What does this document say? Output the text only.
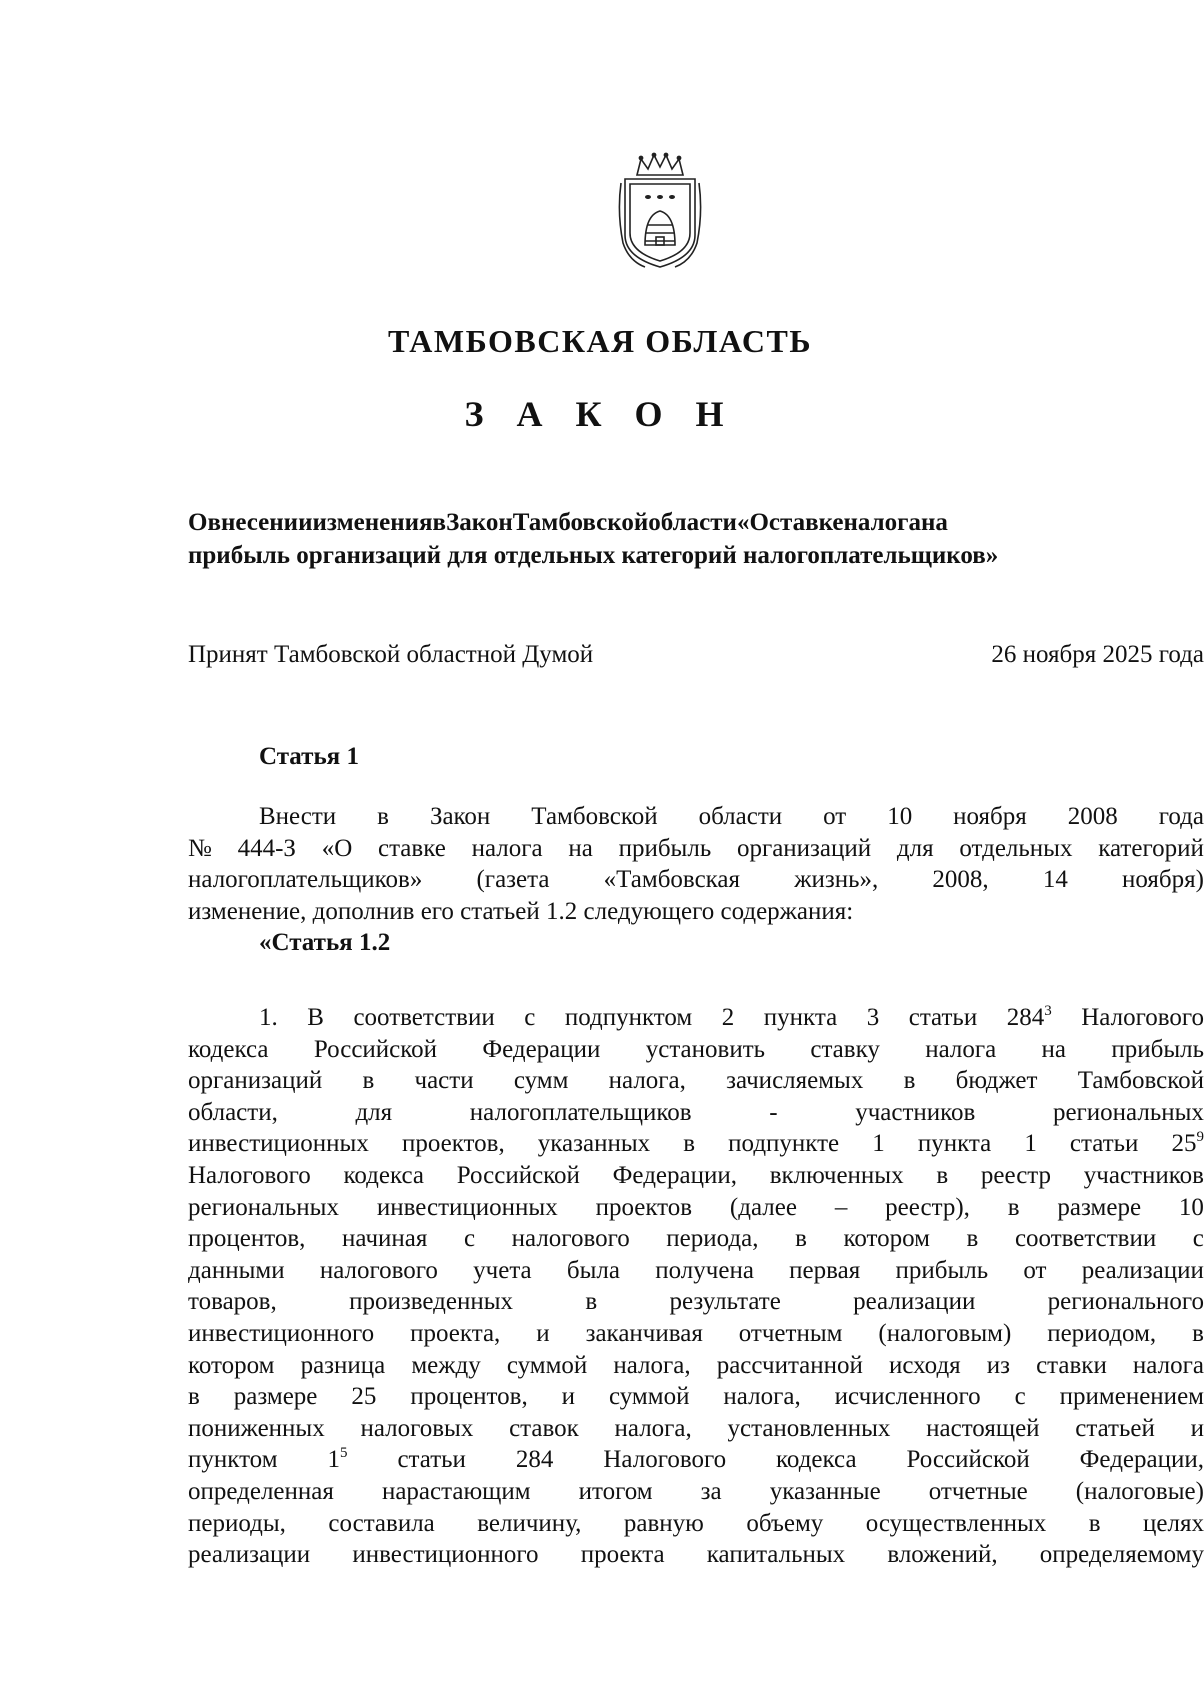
ТАМБОВСКАЯ ОБЛАСТЬ
З А К О Н
ОвнесенииизменениявЗаконТамбовскойобласти«Оставкеналогана
прибыль организаций для отдельных категорий налогоплательщиков»
Принят Тамбовской областной Думой	26 ноября 2025 года
Статья 1
Внести в Закон Тамбовской области от 10 ноября 2008 года
№ 444-З «О ставке налога на прибыль организаций для отдельных категорий
налогоплательщиков» (газета «Тамбовская жизнь», 2008, 14 ноября)
изменение, дополнив его статьей 1.2 следующего содержания:
«Статья 1.2
1. В соответствии с подпунктом 2 пункта 3 статьи $284^3$ Налогового
кодекса Российской Федерации установить ставку налога на прибыль
организаций в части сумм налога, зачисляемых в бюджет Тамбовской
области,	для	налогоплательщиков	-	участников	региональных
инвестиционных проектов, указанных в подпункте 1 пункта 1 статьи $25^9$
Налогового кодекса Российской Федерации, включенных в реестр участников
региональных инвестиционных проектов (далее – реестр), в размере 10
процентов, начиная с налогового периода, в котором в соответствии с
данными налогового учета была получена первая прибыль от реализации
товаров,	произведенных	в	результате	реализации	регионального
инвестиционного проекта, и заканчивая отчетным (налоговым) периодом, в
котором разница между суммой налога, рассчитанной исходя из ставки налога
в размере 25 процентов, и суммой налога, исчисленного с применением
пониженных налоговых ставок налога, установленных настоящей статьей и
пунктом $1^5$ статьи 284 Налогового кодекса Российской Федерации,
определенная нарастающим итогом за указанные отчетные (налоговые)
периоды, составила величину, равную объему осуществленных в целях
реализации инвестиционного проекта капитальных вложений, определяемому
